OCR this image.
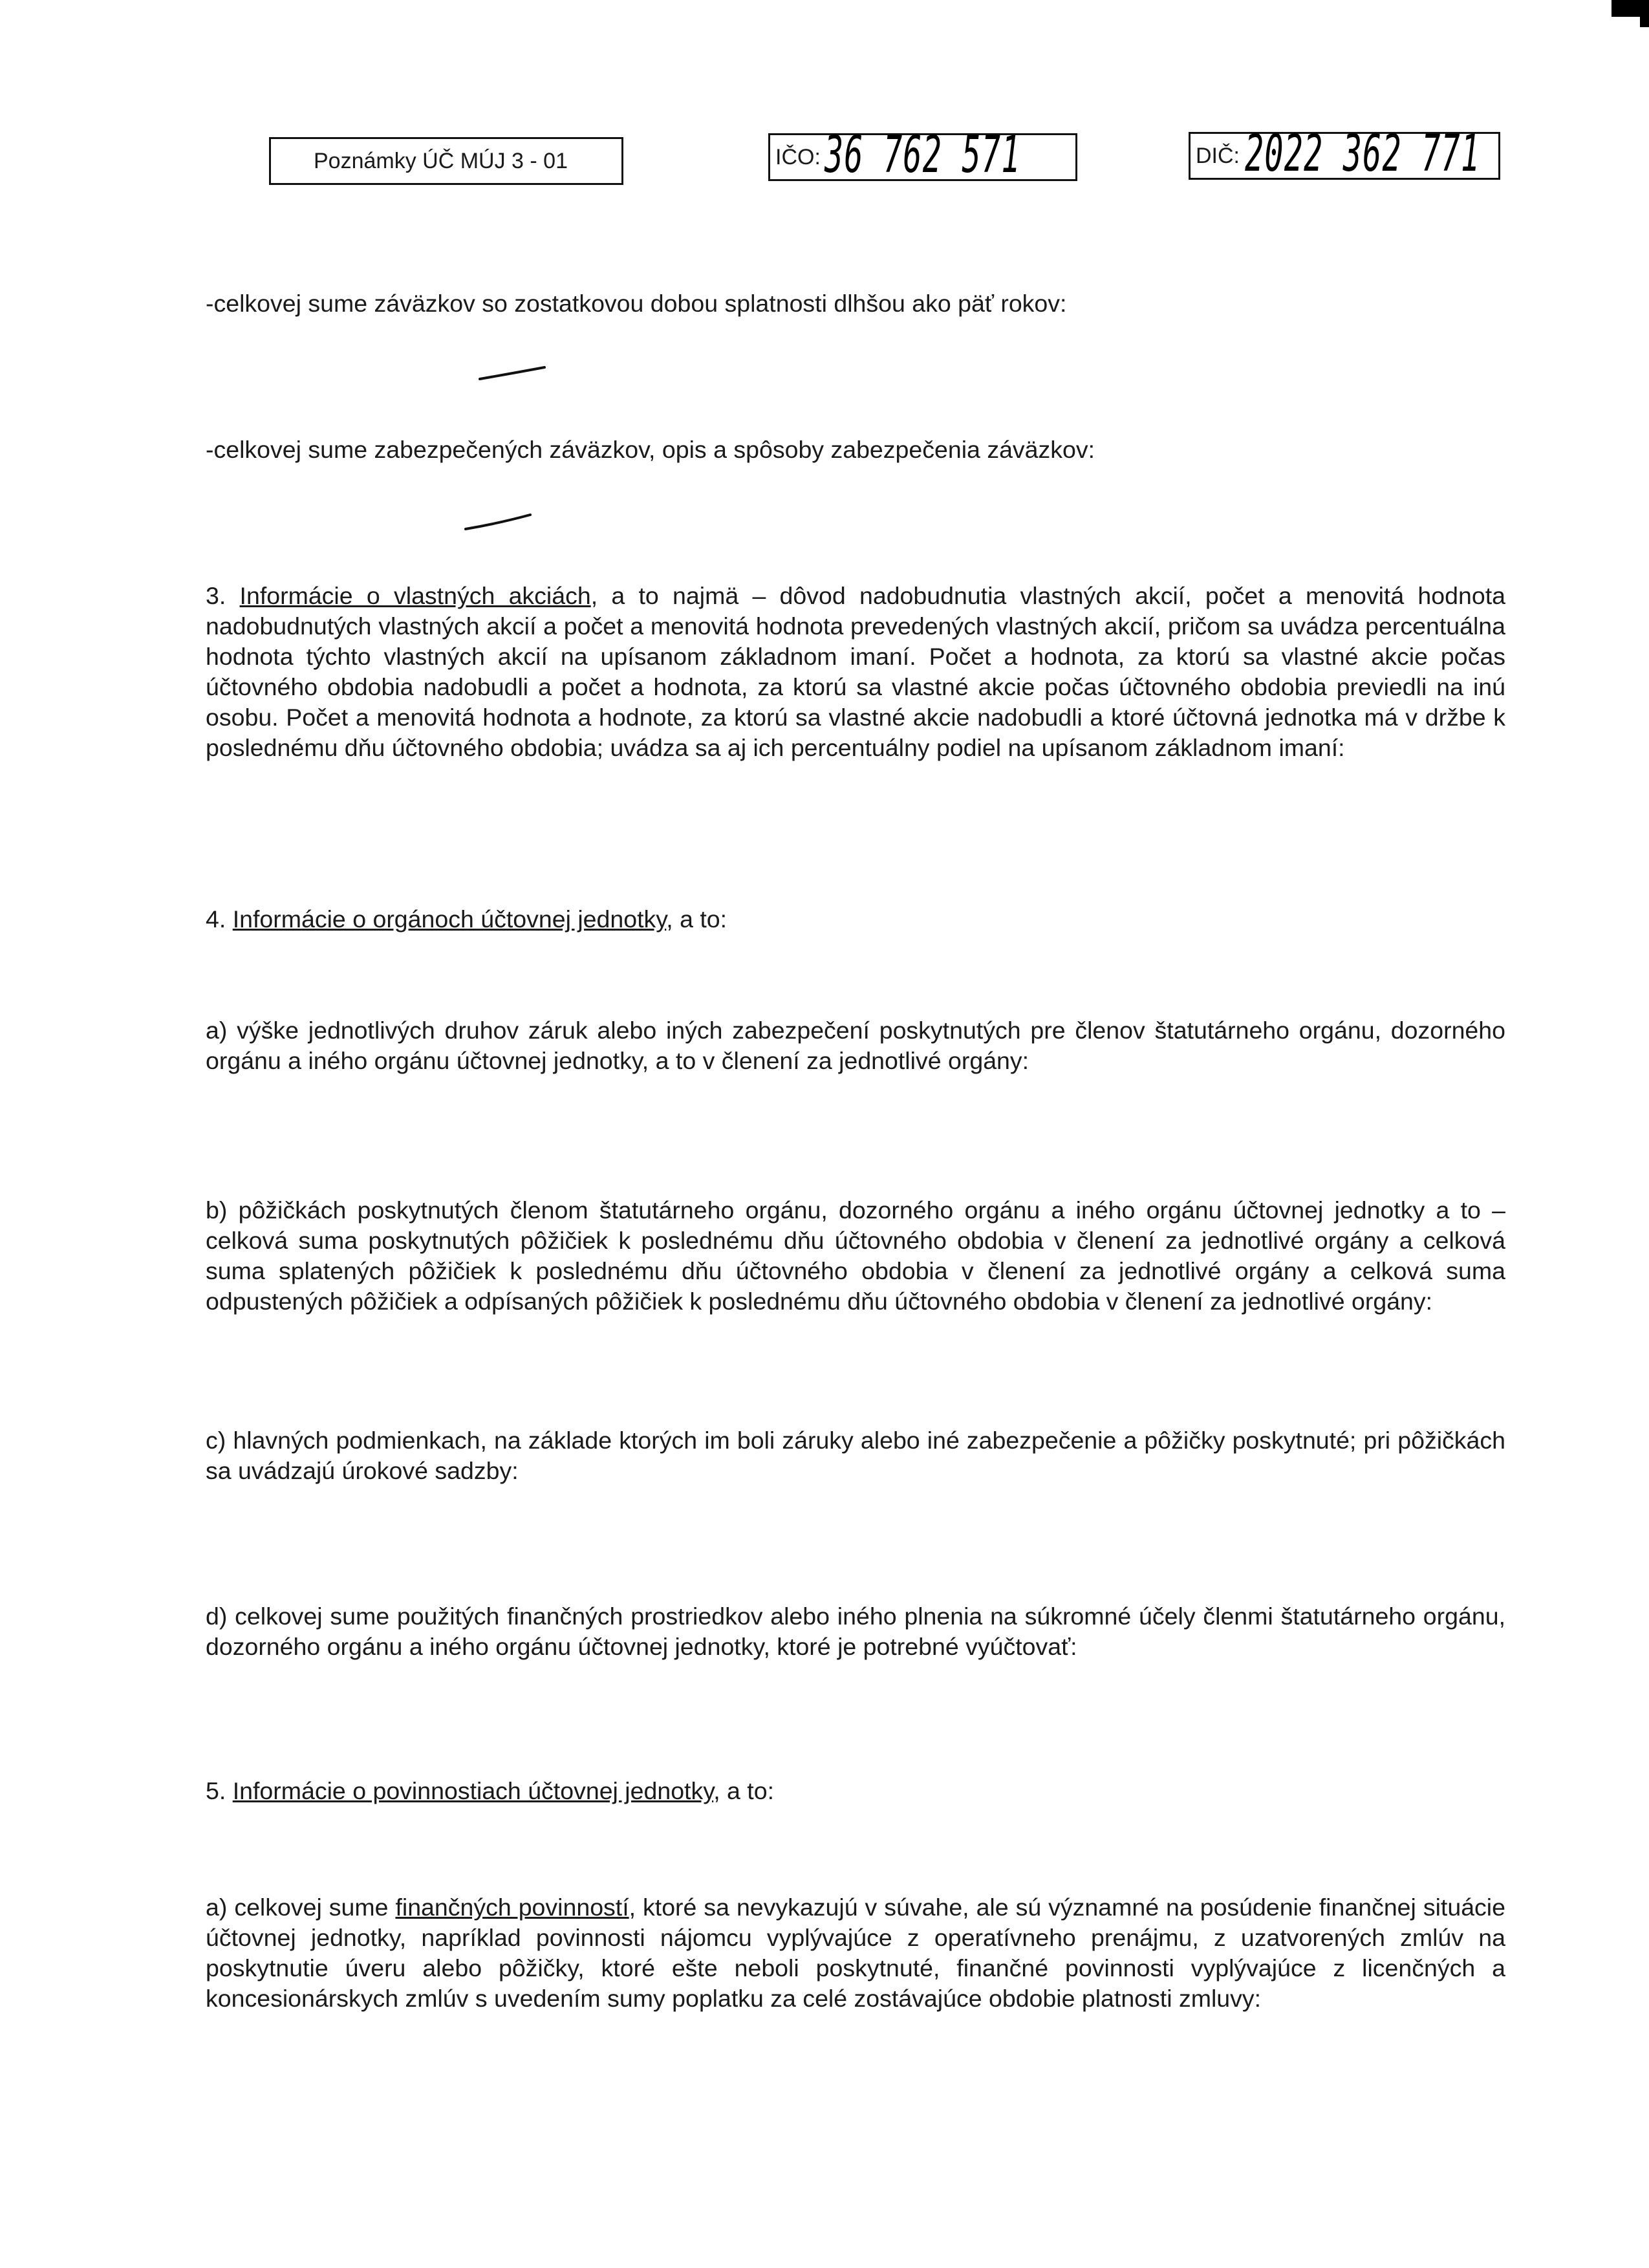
Poznámky ÚČ MÚJ 3 - 01	IČO: 36 762 571	DIČ: 2022 362 771

-celkovej sume záväzkov so zostatkovou dobou splatnosti dlhšou ako päť rokov:

-celkovej sume zabezpečených záväzkov, opis a spôsoby zabezpečenia záväzkov:

3. Informácie o vlastných akciách, a to najmä – dôvod nadobudnutia vlastných akcií, počet a menovitá hodnota nadobudnutých vlastných akcií a počet a menovitá hodnota prevedených vlastných akcií, pričom sa uvádza percentuálna hodnota týchto vlastných akcií na upísanom základnom imaní. Počet a hodnota, za ktorú sa vlastné akcie počas účtovného obdobia nadobudli a počet a hodnota, za ktorú sa vlastné akcie počas účtovného obdobia previedli na inú osobu. Počet a menovitá hodnota a hodnote, za ktorú sa vlastné akcie nadobudli a ktoré účtovná jednotka má v držbe k poslednému dňu účtovného obdobia; uvádza sa aj ich percentuálny podiel na upísanom základnom imaní:

4. Informácie o orgánoch účtovnej jednotky, a to:

a) výške jednotlivých druhov záruk alebo iných zabezpečení poskytnutých pre členov štatutárneho orgánu, dozorného orgánu a iného orgánu účtovnej jednotky, a to v členení za jednotlivé orgány:

b) pôžičkách poskytnutých členom štatutárneho orgánu, dozorného orgánu a iného orgánu účtovnej jednotky a to – celková suma poskytnutých pôžičiek k poslednému dňu účtovného obdobia v členení za jednotlivé orgány a celková suma splatených pôžičiek k poslednému dňu účtovného obdobia v členení za jednotlivé orgány a celková suma odpustených pôžičiek a odpísaných pôžičiek k poslednému dňu účtovného obdobia v členení za jednotlivé orgány:

c) hlavných podmienkach, na základe ktorých im boli záruky alebo iné zabezpečenie a pôžičky poskytnuté; pri pôžičkách sa uvádzajú úrokové sadzby:

d) celkovej sume použitých finančných prostriedkov alebo iného plnenia na súkromné účely členmi štatutárneho orgánu, dozorného orgánu a iného orgánu účtovnej jednotky, ktoré je potrebné vyúčtovať:

5. Informácie o povinnostiach účtovnej jednotky, a to:

a) celkovej sume finančných povinností, ktoré sa nevykazujú v súvahe, ale sú významné na posúdenie finančnej situácie účtovnej jednotky, napríklad povinnosti nájomcu vyplývajúce z operatívneho prenájmu, z uzatvorených zmlúv na poskytnutie úveru alebo pôžičky, ktoré ešte neboli poskytnuté, finančné povinnosti vyplývajúce z licenčných a koncesionárskych zmlúv s uvedením sumy poplatku za celé zostávajúce obdobie platnosti zmluvy:
